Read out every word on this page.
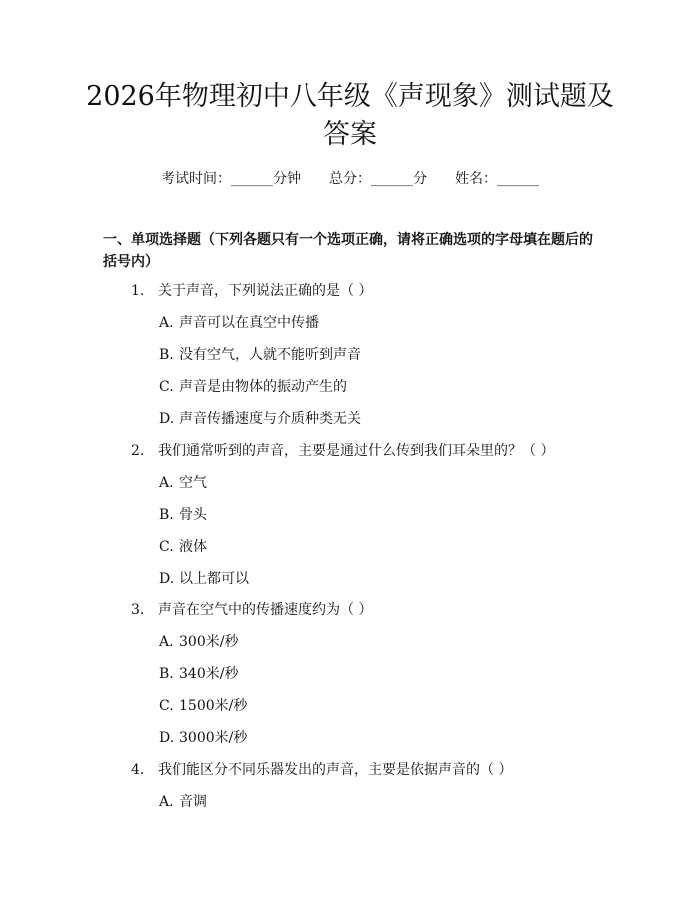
2026年物理初中八年级《声现象》测试题及
答案
考试时间：______分钟 总分：______分 姓名：______
一、单项选择题（下列各题只有一个选项正确，请将正确选项的字母填在题后的括号内）
1. 关于声音，下列说法正确的是（ ）
A. 声音可以在真空中传播
B. 没有空气，人就不能听到声音
C. 声音是由物体的振动产生的
D. 声音传播速度与介质种类无关
2. 我们通常听到的声音，主要是通过什么传到我们耳朵里的？（ ）
A. 空气
B. 骨头
C. 液体
D. 以上都可以
3. 声音在空气中的传播速度约为（ ）
A. 300米/秒
B. 340米/秒
C. 1500米/秒
D. 3000米/秒
4. 我们能区分不同乐器发出的声音，主要是依据声音的（ ）
A. 音调
